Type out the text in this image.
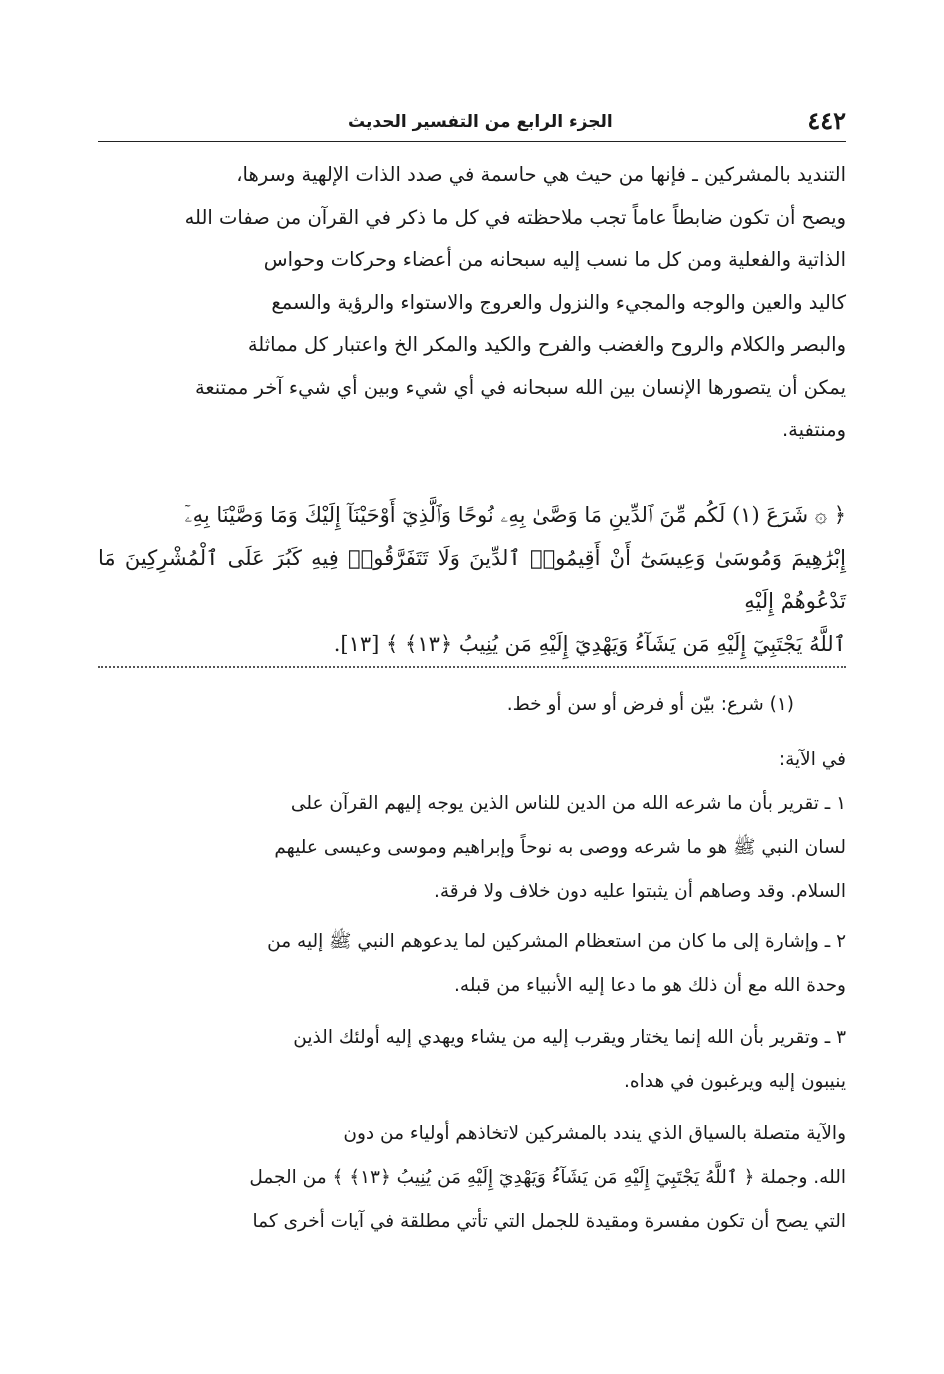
٤٤٢
الجزء الرابع من التفسير الحديث
التنديد بالمشركين ـ فإنها من حيث هي حاسمة في صدد الذات الإلهية وسرها،
ويصح أن تكون ضابطاً عاماً تجب ملاحظته في كل ما ذكر في القرآن من صفات الله
الذاتية والفعلية ومن كل ما نسب إليه سبحانه من أعضاء وحركات وحواس
كاليد والعين والوجه والمجيء والنزول والعروج والاستواء والرؤية والسمع
والبصر والكلام والروح والغضب والفرح والكيد والمكر الخ واعتبار كل مماثلة
يمكن أن يتصورها الإنسان بين الله سبحانه في أي شيء وبين أي شيء آخر ممتنعة
ومنتفية.
﴿ ۞ شَرَعَ (١) لَكُم مِّنَ ٱلدِّينِ مَا وَصَّىٰ بِهِۦ نُوحًا وَٱلَّذِيٓ أَوْحَيْنَآ إِلَيْكَ وَمَا وَصَّيْنَا بِهِۦٓ
إِبْرَٰهِيمَ وَمُوسَىٰ وَعِيسَىٰٓ أَنْ أَقِيمُوا۟ ٱلدِّينَ وَلَا تَتَفَرَّقُوا۟ فِيهِ كَبُرَ عَلَى ٱلْمُشْرِكِينَ مَا تَدْعُوهُمْ إِلَيْهِ
ٱللَّهُ يَجْتَبِيٓ إِلَيْهِ مَن يَشَآءُ وَيَهْدِيٓ إِلَيْهِ مَن يُنِيبُ ﴿١٣﴾ ﴾ [١٣].
(١) شرع: بيّن أو فرض أو سن أو خط.
في الآية:
١ ـ تقرير بأن ما شرعه الله من الدين للناس الذين يوجه إليهم القرآن على
لسان النبي ﷺ هو ما شرعه ووصى به نوحاً وإبراهيم وموسى وعيسى عليهم
السلام. وقد وصاهم أن يثبتوا عليه دون خلاف ولا فرقة.
٢ ـ وإشارة إلى ما كان من استعظام المشركين لما يدعوهم النبي ﷺ إليه من
وحدة الله مع أن ذلك هو ما دعا إليه الأنبياء من قبله.
٣ ـ وتقرير بأن الله إنما يختار ويقرب إليه من يشاء ويهدي إليه أولئك الذين
ينيبون إليه ويرغبون في هداه.
والآية متصلة بالسياق الذي يندد بالمشركين لاتخاذهم أولياء من دون
الله. وجملة ﴿ ٱللَّهُ يَجْتَبِيٓ إِلَيْهِ مَن يَشَآءُ وَيَهْدِيٓ إِلَيْهِ مَن يُنِيبُ ﴿١٣﴾ ﴾ من الجمل
التي يصح أن تكون مفسرة ومقيدة للجمل التي تأتي مطلقة في آيات أخرى كما
